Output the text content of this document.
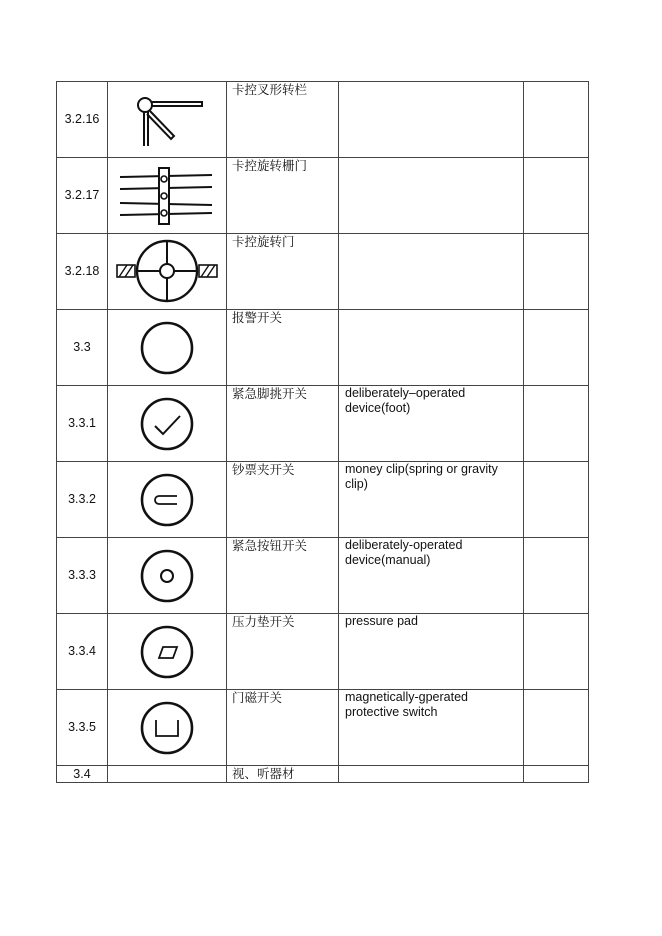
3.2.16		卡控叉形转栏		
3.2.17		卡控旋转栅门		
3.2.18		卡控旋转门		
3.3		报警开关		
3.3.1		紧急脚挑开关	deliberately–operated device(foot)	
3.3.2		钞票夹开关	money clip(spring or gravity clip)	
3.3.3		紧急按钮开关	deliberately-operated device(manual)	
3.3.4		压力垫开关	pressure pad	
3.3.5		门磁开关	magnetically-gperated protective switch	
3.4		视、听器材		
